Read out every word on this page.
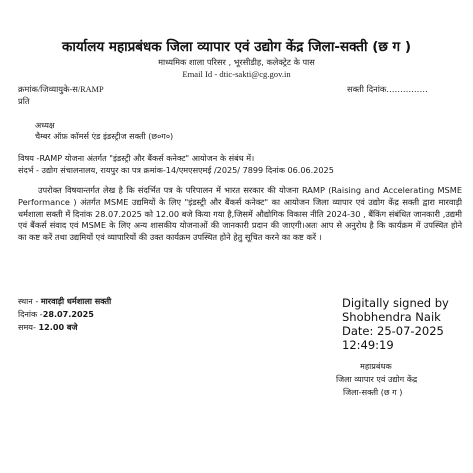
कार्यालय महाप्रबंधक जिला व्यापार एवं उद्योग केंद्र जिला-सक्ती (छ ग )
माध्यमिक शाला परिसर , भूरसीडीह, कलेक्ट्रेट के पास
Email Id - dtic-sakti@cg.gov.in
क्रमांक/जिव्यायुके-स/RAMP	सक्ती दिनांक……………
प्रति
अध्यक्ष
चैम्बर ऑफ़ कॉमर्स एंड इंडस्ट्रीज सक्ती (छ०ग०)
विषय -RAMP योजना अंतर्गत "इंडस्ट्री और बैंकर्स कनेक्ट" आयोजन के संबंध में।
संदर्भ - उद्योग संचालनालय, रायपुर का पत्र क्रमांक-14/एमएसएमई /2025/ 7899 दिनांक 06.06.2025

उपरोक्त विषयान्तर्गत लेख है कि संदर्भित पत्र के परिपालन में भारत सरकार की योजना RAMP (Raising and Accelerating MSME Performance ) अंतर्गत MSME उद्यमियों के लिए "इंडस्ट्री और बैंकर्स कनेक्ट" का आयोजन जिला व्यापार एवं उद्योग केंद्र सक्ती द्वारा मारवाड़ी धर्मशाला सक्ती में दिनांक 28.07.2025 को 12.00 बजे किया गया है,जिसमें औद्योगिक विकास नीति 2024-30 , बैंकिंग संबंधित जानकारी ,उद्यमी एवं बैंकर्स संवाद एवं MSME के लिए अन्य शासकीय योजनाओं की जानकारी प्रदान की जाएगी।अतः आप से अनुरोध है कि कार्यक्रम में उपस्थित होने का कष्ट करें तथा उद्यमियों एवं व्यापारियों की उक्त कार्यक्रम उपस्थित होने हेतु सूचित करने का कष्ट करें ।

स्थान - मारवाड़ी धर्मशाला सक्ती
दिनांक -28.07.2025
समय- 12.00 बजे
Digitally signed by
Shobhendra Naik
Date: 25-07-2025
12:49:19
महाप्रबंधक
जिला व्यापार एवं उद्योग केंद्र
जिला-सक्ती (छ ग )
